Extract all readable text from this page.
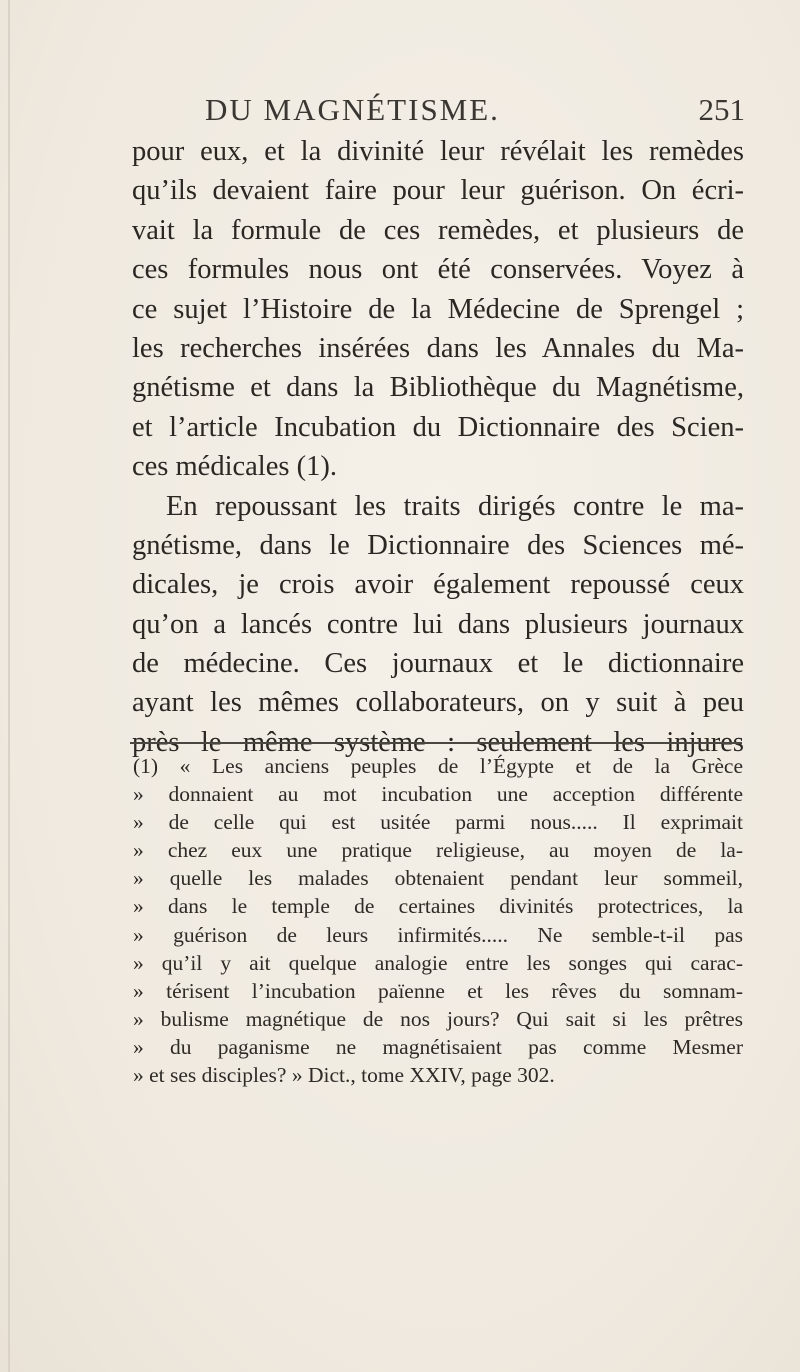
DU MAGNÉTISME.	251
pour eux, et la divinité leur révélait les remèdes
qu’ils devaient faire pour leur guérison. On écri-
vait la formule de ces remèdes, et plusieurs de
ces formules nous ont été conservées. Voyez à
ce sujet l’Histoire de la Médecine de Sprengel ;
les recherches insérées dans les Annales du Ma-
gnétisme et dans la Bibliothèque du Magnétisme,
et l’article Incubation du Dictionnaire des Scien-
ces médicales (1).
En repoussant les traits dirigés contre le ma-
gnétisme, dans le Dictionnaire des Sciences mé-
dicales, je crois avoir également repoussé ceux
qu’on a lancés contre lui dans plusieurs journaux
de médecine. Ces journaux et le dictionnaire
ayant les mêmes collaborateurs, on y suit à peu
près le même système : seulement les injures
(1) « Les anciens peuples de l’Égypte et de la Grèce
» donnaient au mot incubation une acception différente
» de celle qui est usitée parmi nous..... Il exprimait
» chez eux une pratique religieuse, au moyen de la-
» quelle les malades obtenaient pendant leur sommeil,
» dans le temple de certaines divinités protectrices, la
» guérison de leurs infirmités..... Ne semble-t-il pas
» qu’il y ait quelque analogie entre les songes qui carac-
» térisent l’incubation païenne et les rêves du somnam-
» bulisme magnétique de nos jours? Qui sait si les prêtres
» du paganisme ne magnétisaient pas comme Mesmer
» et ses disciples? » Dict., tome XXIV, page 302.
